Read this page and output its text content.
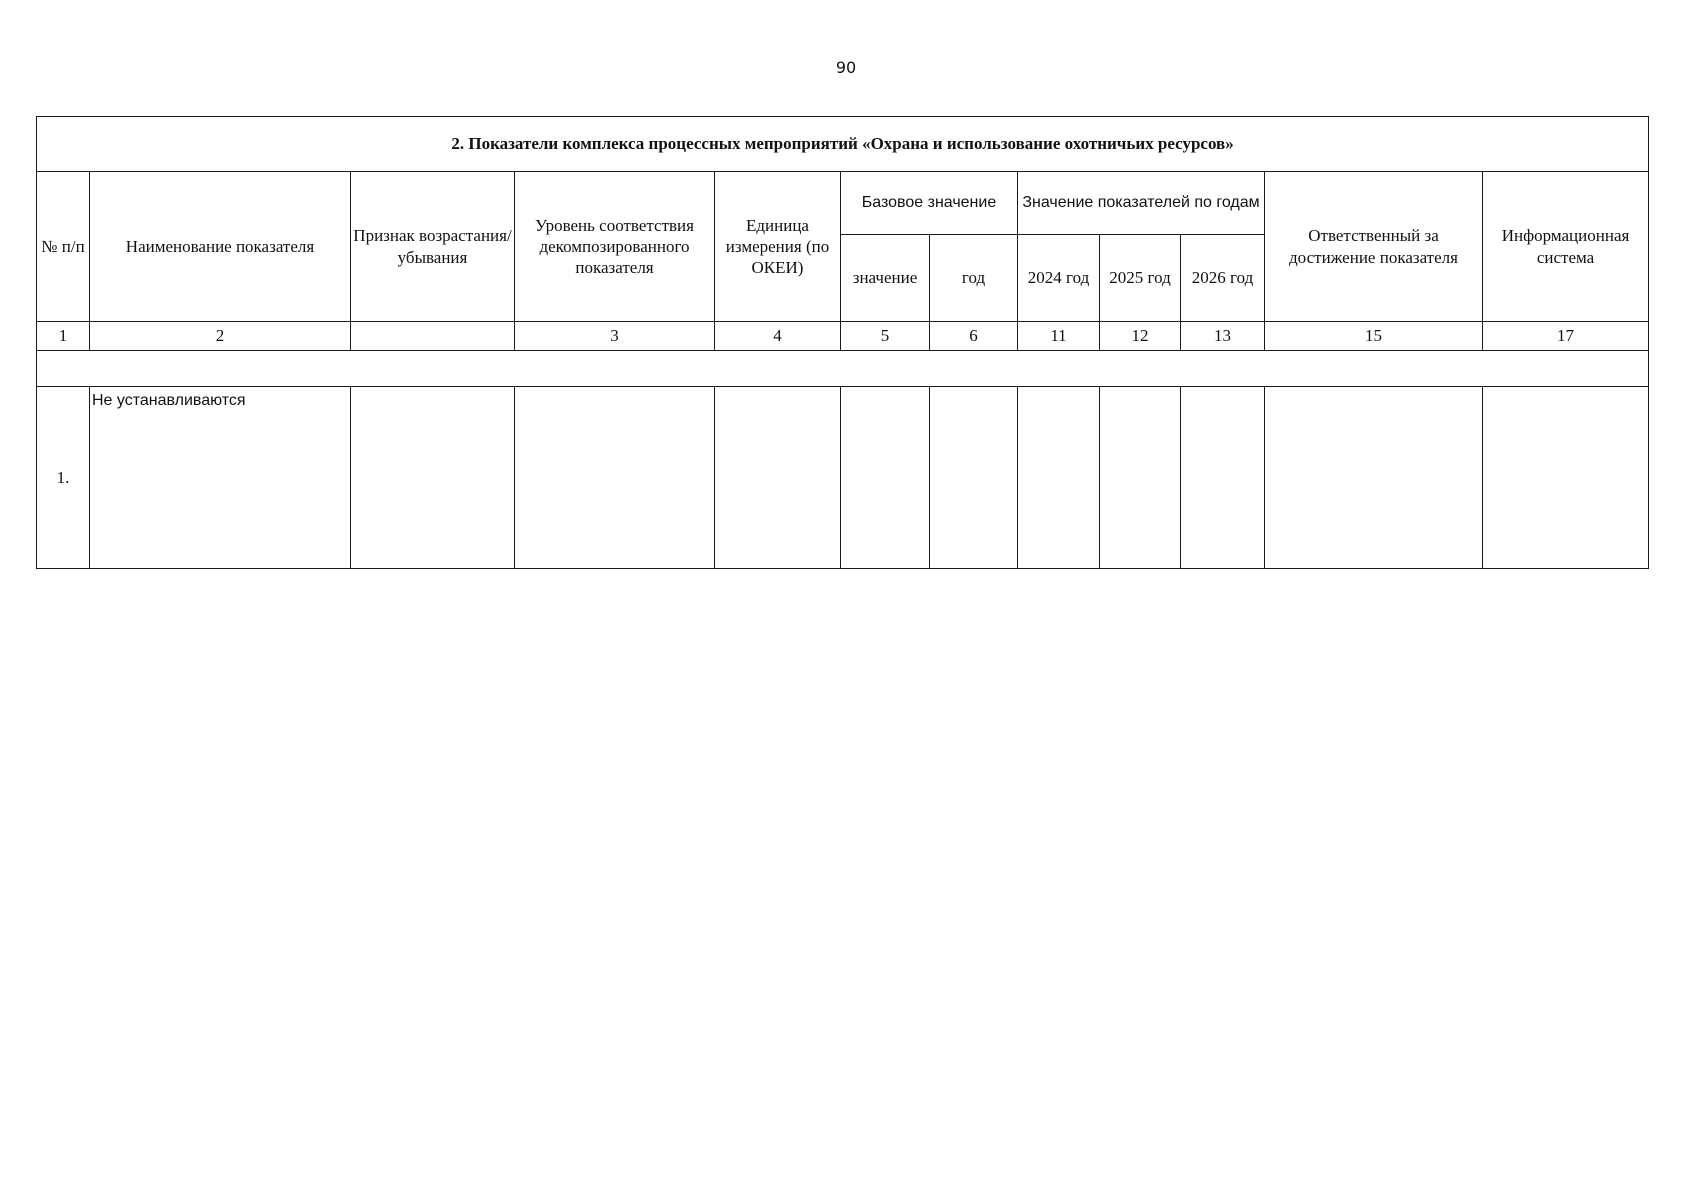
90
2. Показатели комплекса процессных мепроприятий «Охрана и использование охотничьих ресурсов»											
№ п/п	Наименование показателя	Признак возрастания/ убывания	Уровень соответствия декомпозированного показателя	Единица измерения (по ОКЕИ)	Базовое значение		Значение показателей по годам			Ответственный за достижение показателя	Информационная система
					значение	год	2024 год	2025 год	2026 год		
1	2		3	4	5	6	11	12	13	15	17

1.	Не устанавливаются										
